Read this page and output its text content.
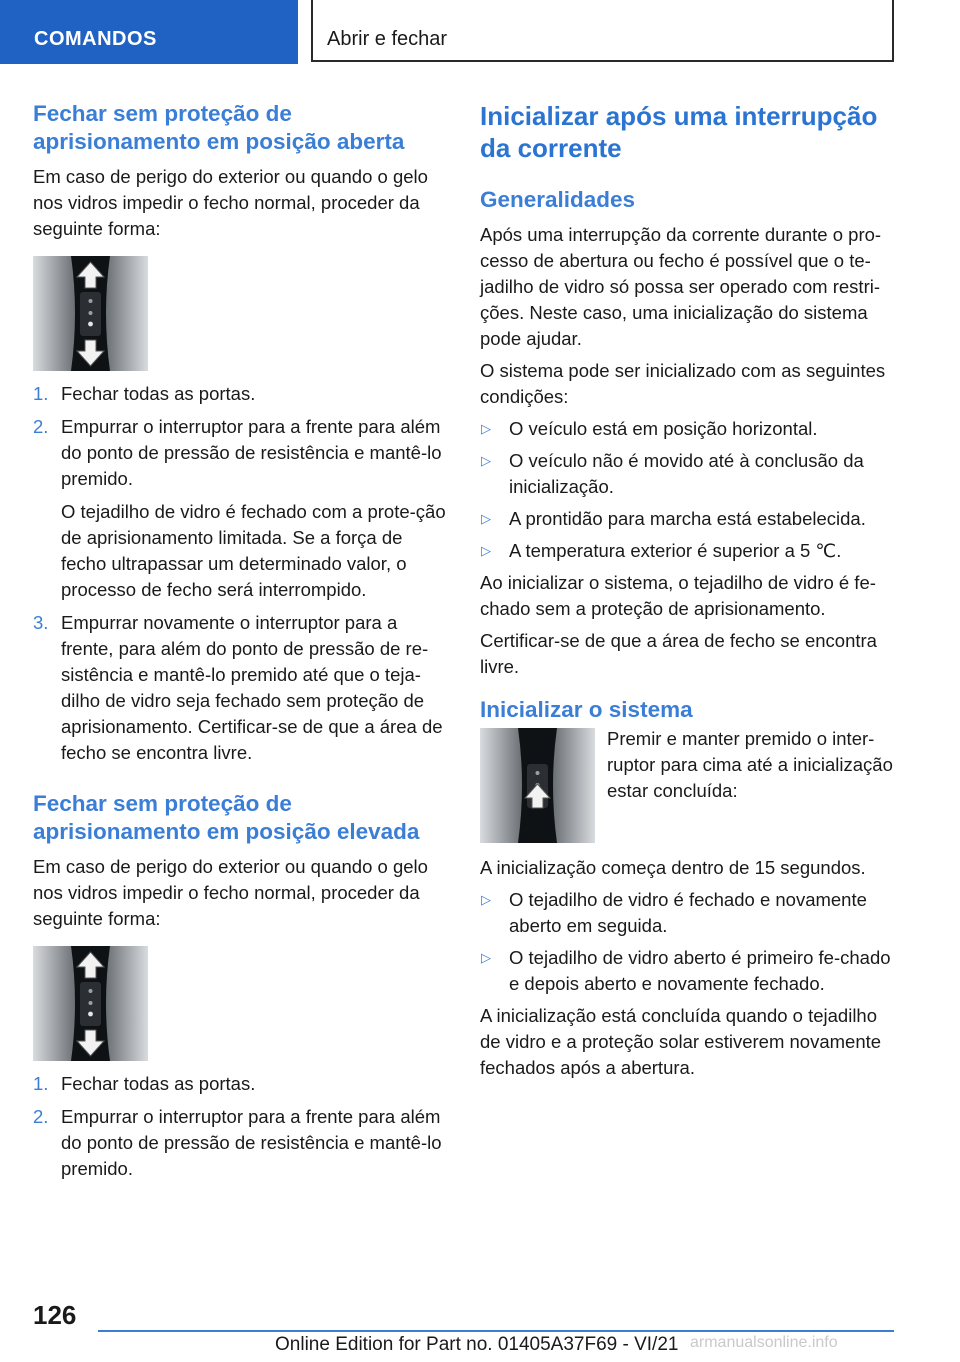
COMANDOS	Abrir e fechar
Fechar sem proteção de aprisionamento em posição aberta

Em caso de perigo do exterior ou quando o gelo nos vidros impedir o fecho normal, proceder da seguinte forma:

1. Fechar todas as portas.
2. Empurrar o interruptor para a frente para além do ponto de pressão de resistência e mantê-lo premido.
O tejadilho de vidro é fechado com a prote-ção de aprisionamento limitada. Se a força de fecho ultrapassar um determinado valor, o processo de fecho será interrompido.
3. Empurrar novamente o interruptor para a frente, para além do ponto de pressão de re-sistência e mantê-lo premido até que o teja-dilho de vidro seja fechado sem proteção de aprisionamento. Certificar-se de que a área de fecho se encontra livre.
Fechar sem proteção de aprisionamento em posição elevada

Em caso de perigo do exterior ou quando o gelo nos vidros impedir o fecho normal, proceder da seguinte forma:

1. Fechar todas as portas.
2. Empurrar o interruptor para a frente para além do ponto de pressão de resistência e mantê-lo premido.
Inicializar após uma interrupção da corrente
Generalidades

Após uma interrupção da corrente durante o pro-cesso de abertura ou fecho é possível que o te-jadilho de vidro só possa ser operado com restri-ções. Neste caso, uma inicialização do sistema pode ajudar.

O sistema pode ser inicializado com as seguintes condições:

▷ O veículo está em posição horizontal.
▷ O veículo não é movido até à conclusão da inicialização.
▷ A prontidão para marcha está estabelecida.
▷ A temperatura exterior é superior a 5 ℃.

Ao inicializar o sistema, o tejadilho de vidro é fe-chado sem a proteção de aprisionamento.

Certificar-se de que a área de fecho se encontra livre.

Inicializar o sistema

Premir e manter premido o inter-ruptor para cima até a inicialização estar concluída:

A inicialização começa dentro de 15 segundos.

▷ O tejadilho de vidro é fechado e novamente aberto em seguida.
▷ O tejadilho de vidro aberto é primeiro fe-chado e depois aberto e novamente fechado.

A inicialização está concluída quando o tejadilho de vidro e a proteção solar estiverem novamente fechados após a abertura.

126
Online Edition for Part no. 01405A37F69 - VI/21 armanualsonline.info
